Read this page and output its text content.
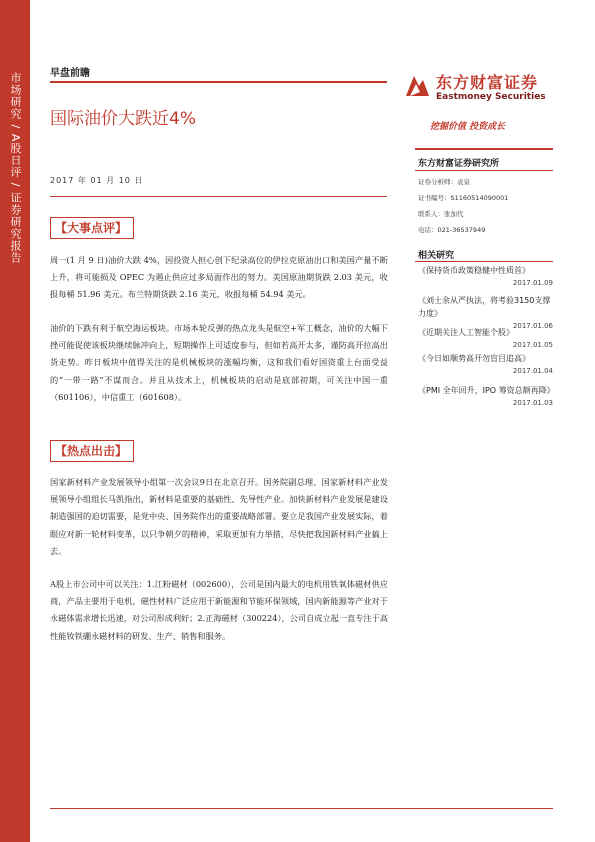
市场研究 / A股日评 / 证券研究报告	早盘前瞻
国际油价大跌近4%
2017 年 01 月 10 日
【大事点评】

周一(1 月 9 日)油价大跌 4%，因投资人担心创下纪录高位的伊拉克原油出口和美国产量不断上升，将可能损及 OPEC 为遏止供应过多局面作出的努力。美国原油期货跌 2.03 美元，收报每桶 51.96 美元。布兰特期货跌 2.16 美元，收报每桶 54.94 美元。

油价的下跌有利于航空海运板块。市场本轮反弹的热点龙头是航空+军工概念，油价的大幅下挫可能促使该板块继续脉冲向上，短期操作上可适度参与，但如若高开太多，谨防高开拉高出货走势。昨日板块中值得关注的是机械板块的涨幅均衡，这和我们看好国资重上台面受益的“一带一路”不谋而合。并且从技术上，机械板块的启动是底部初期，可关注中国一重（601106），中信重工（601608）。

【热点出击】

国家新材料产业发展领导小组第一次会议9日在北京召开。国务院副总理、国家新材料产业发展领导小组组长马凯指出，新材料是重要的基础性、先导性产业。加快新材料产业发展是建设制造强国的迫切需要，是党中央、国务院作出的重要战略部署。要立足我国产业发展实际，着眼应对新一轮材料变革，以只争朝夕的精神，采取更加有力举措，尽快把我国新材料产业搞上去。

A股上市公司中可以关注：1.江粉磁材（002600），公司是国内最大的电机用铁氧体磁材供应商，产品主要用于电机，磁性材料广泛应用于新能源和节能环保领域，国内新能源等产业对于永磁体需求增长迅速，对公司形成利好；2.正海磁材（300224），公司自成立起一直专注于高性能钕铁硼永磁材料的研发、生产、销售和服务。

东方财富证券
Eastmoney Securities
挖掘价值 投资成长
东方财富证券研究所
证券分析师：袁泉
证书编号：S1160514090001
联系人：张加代
电话：021-36537949
相关研究
《保持货币政策稳健中性质首》
2017.01.09
《刘士余从严执法，将考验3150支撑力度》
2017.01.06
《近期关注人工智能个股》
2017.01.05
《今日如顺势高开勿盲目追高》
2017.01.04
《PMI 全年回升，IPO 筹资总额再降》
2017.01.03
